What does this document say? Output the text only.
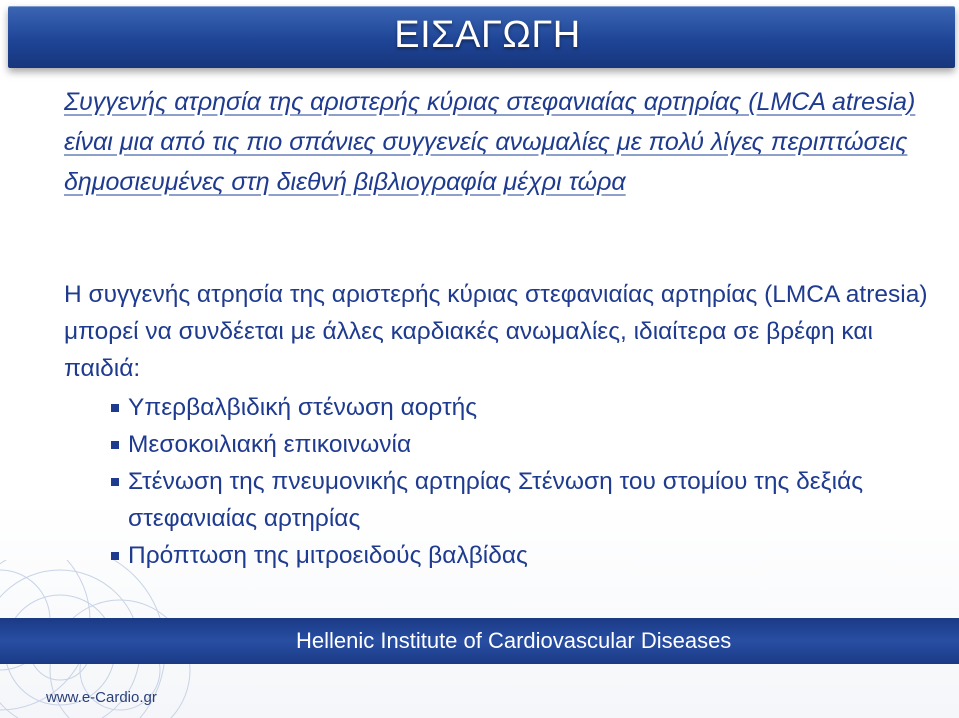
ΕΙΣΑΓΩΓΗ

Συγγενής ατρησία της αριστερής κύριας στεφανιαίας αρτηρίας (LMCA atresia) είναι μια από τις πιο σπάνιες συγγενείς ανωμαλίες με πολύ λίγες περιπτώσεις δημοσιευμένες στη διεθνή βιβλιογραφία μέχρι τώρα

Η συγγενής ατρησία της αριστερής κύριας στεφανιαίας αρτηρίας (LMCA atresia) μπορεί να συνδέεται με άλλες καρδιακές ανωμαλίες, ιδιαίτερα σε βρέφη και παιδιά:

Υπερβαλβιδική στένωση αορτής
Μεσοκοιλιακή επικοινωνία
Στένωση της πνευμονικής αρτηρίας Στένωση του στομίου της δεξιάς στεφανιαίας αρτηρίας
Πρόπτωση της μιτροειδούς βαλβίδας
Hellenic Institute of Cardiovascular Diseases
www.e-Cardio.gr
